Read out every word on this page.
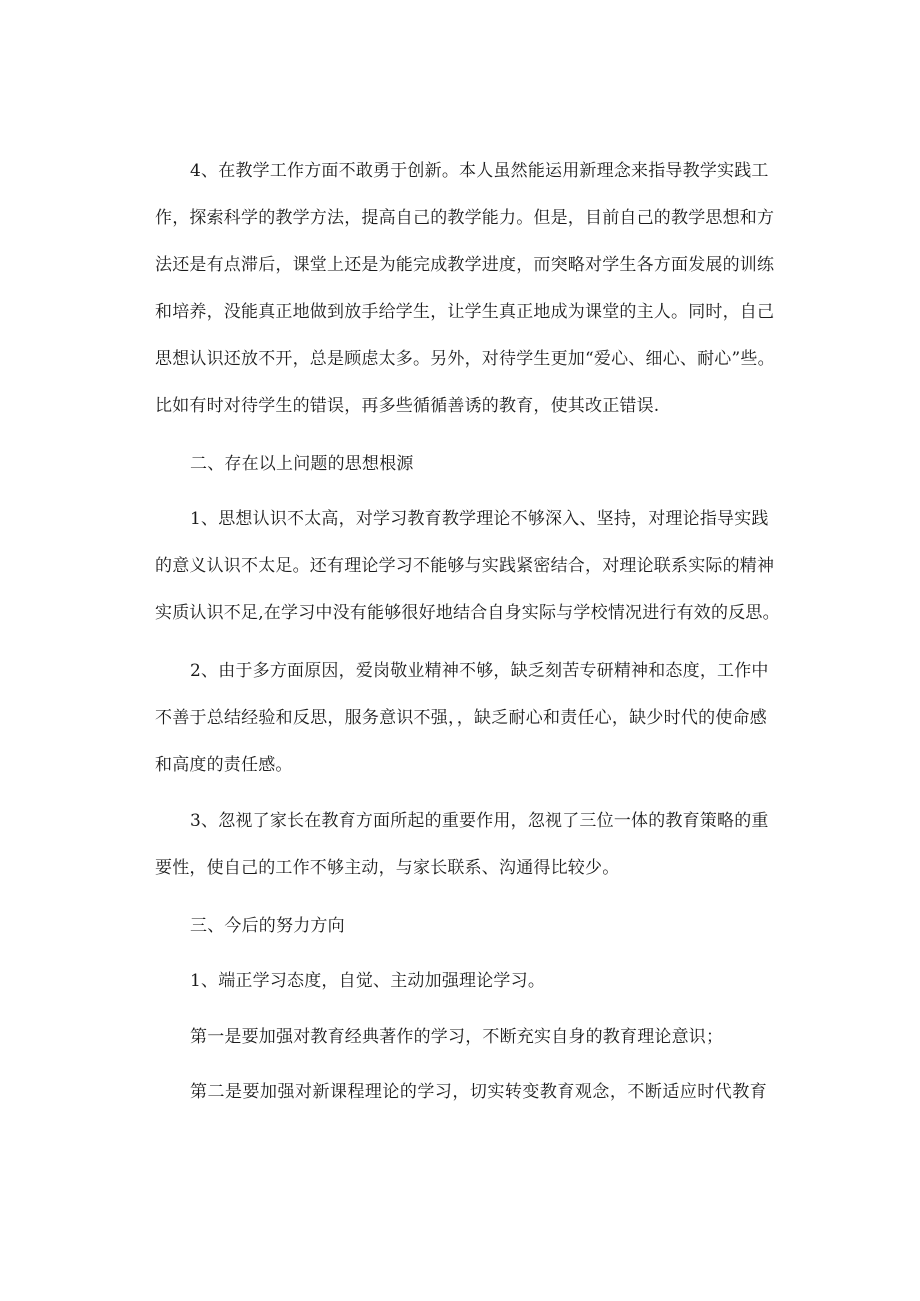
4、在教学工作方面不敢勇于创新。本人虽然能运用新理念来指导教学实践工
作，探索科学的教学方法，提高自己的教学能力。但是，目前自己的教学思想和方
法还是有点滞后，课堂上还是为能完成教学进度，而突略对学生各方面发展的训练
和培养，没能真正地做到放手给学生，让学生真正地成为课堂的主人。同时，自己
思想认识还放不开，总是顾虑太多。另外，对待学生更加“爱心、细心、耐心”些。
比如有时对待学生的错误，再多些循循善诱的教育，使其改正错误.
二、存在以上问题的思想根源
1、思想认识不太高，对学习教育教学理论不够深入、坚持，对理论指导实践
的意义认识不太足。还有理论学习不能够与实践紧密结合，对理论联系实际的精神
实质认识不足,在学习中没有能够很好地结合自身实际与学校情况进行有效的反思。
2、由于多方面原因，爱岗敬业精神不够，缺乏刻苦专研精神和态度，工作中
不善于总结经验和反思，服务意识不强，，缺乏耐心和责任心，缺少时代的使命感
和高度的责任感。
3、忽视了家长在教育方面所起的重要作用，忽视了三位一体的教育策略的重
要性，使自己的工作不够主动，与家长联系、沟通得比较少。
三、今后的努力方向
1、端正学习态度，自觉、主动加强理论学习。
第一是要加强对教育经典著作的学习，不断充实自身的教育理论意识；
第二是要加强对新课程理论的学习，切实转变教育观念，不断适应时代教育
